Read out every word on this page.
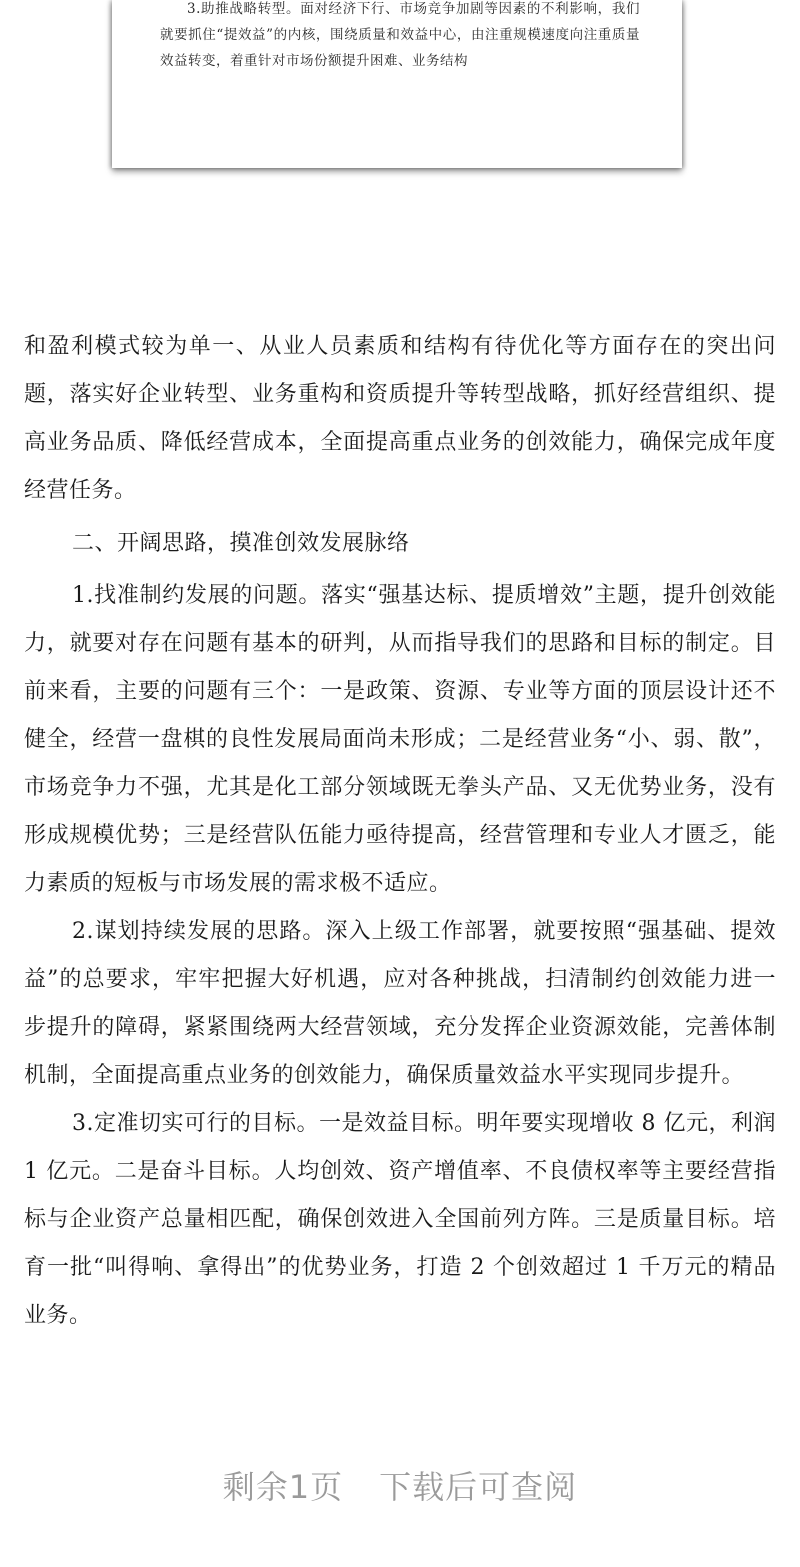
3.助推战略转型。面对经济下行、市场竞争加剧等因素的不利影响，我们就要抓住“提效益”的内核，围绕质量和效益中心，由注重规模速度向注重质量效益转变，着重针对市场份额提升困难、业务结构

和盈利模式较为单一、从业人员素质和结构有待优化等方面存在的突出问题，落实好企业转型、业务重构和资质提升等转型战略，抓好经营组织、提高业务品质、降低经营成本，全面提高重点业务的创效能力，确保完成年度经营任务。

二、开阔思路，摸准创效发展脉络

1.找准制约发展的问题。落实“强基达标、提质增效”主题，提升创效能力，就要对存在问题有基本的研判，从而指导我们的思路和目标的制定。目前来看，主要的问题有三个：一是政策、资源、专业等方面的顶层设计还不健全，经营一盘棋的良性发展局面尚未形成；二是经营业务“小、弱、散”，市场竞争力不强，尤其是化工部分领域既无拳头产品、又无优势业务，没有形成规模优势；三是经营队伍能力亟待提高，经营管理和专业人才匮乏，能力素质的短板与市场发展的需求极不适应。

2.谋划持续发展的思路。深入上级工作部署，就要按照“强基础、提效益”的总要求，牢牢把握大好机遇，应对各种挑战，扫清制约创效能力进一步提升的障碍，紧紧围绕两大经营领域，充分发挥企业资源效能，完善体制机制，全面提高重点业务的创效能力，确保质量效益水平实现同步提升。

3.定准切实可行的目标。一是效益目标。明年要实现增收 8 亿元，利润 1 亿元。二是奋斗目标。人均创效、资产增值率、不良债权率等主要经营指标与企业资产总量相匹配，确保创效进入全国前列方阵。三是质量目标。培育一批“叫得响、拿得出”的优势业务，打造 2 个创效超过 1 千万元的精品业务。

剩余1页 下载后可查阅
